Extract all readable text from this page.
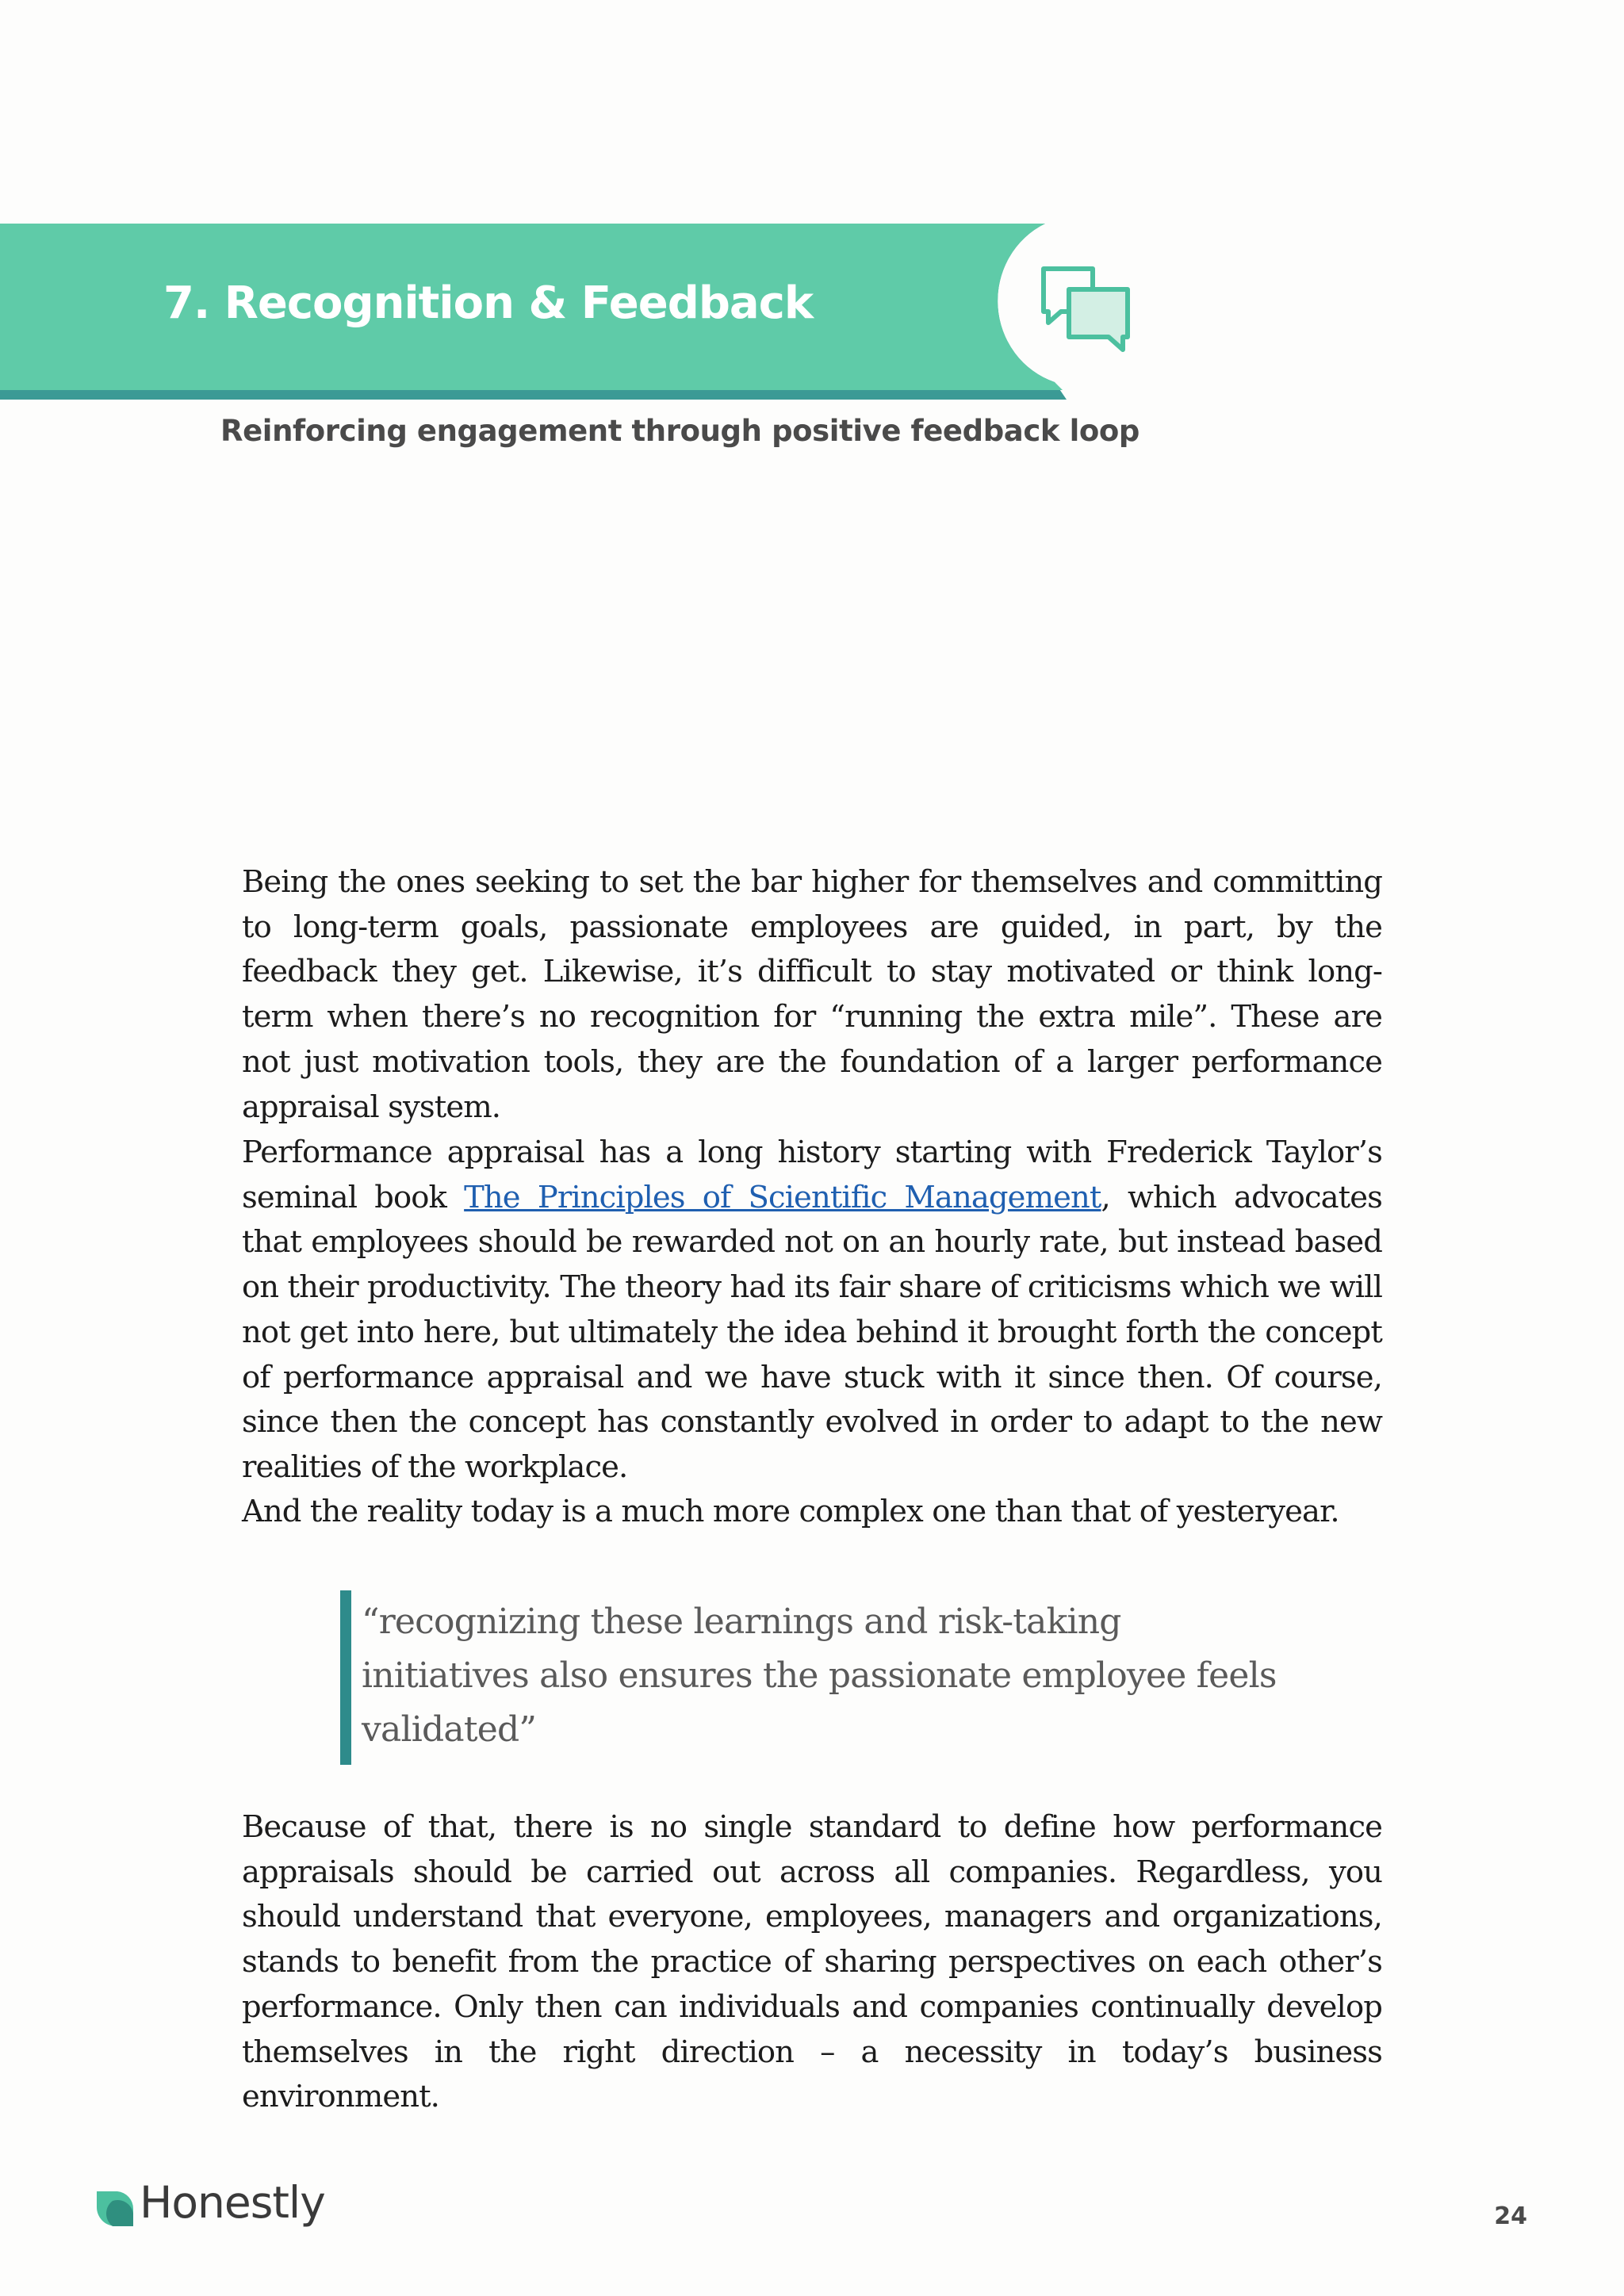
7. Recognition & Feedback
Reinforcing engagement through positive feedback loop

Being the ones seeking to set the bar higher for themselves and committing to long-term goals, passionate employees are guided, in part, by the feedback they get. Likewise, it’s difficult to stay motivated or think long-term when there’s no recognition for “running the extra mile”. These are not just motivation tools, they are the foundation of a larger performance appraisal system.

Performance appraisal has a long history starting with Frederick Taylor’s seminal book The Principles of Scientific Management, which advocates that employees should be rewarded not on an hourly rate, but instead based on their productivity. The theory had its fair share of criticisms which we will not get into here, but ultimately the idea behind it brought forth the concept of performance appraisal and we have stuck with it since then. Of course, since then the concept has constantly evolved in order to adapt to the new realities of the workplace.

And the reality today is a much more complex one than that of yesteryear.

“recognizing these learnings and risk-taking initiatives also ensures the passionate employee feels validated”

Because of that, there is no single standard to define how performance appraisals should be carried out across all companies. Regardless, you should understand that everyone, employees, managers and organizations, stands to benefit from the practice of sharing perspectives on each other’s performance. Only then can individuals and companies continually develop themselves in the right direction – a necessity in today’s business environment.

Honestly	24
